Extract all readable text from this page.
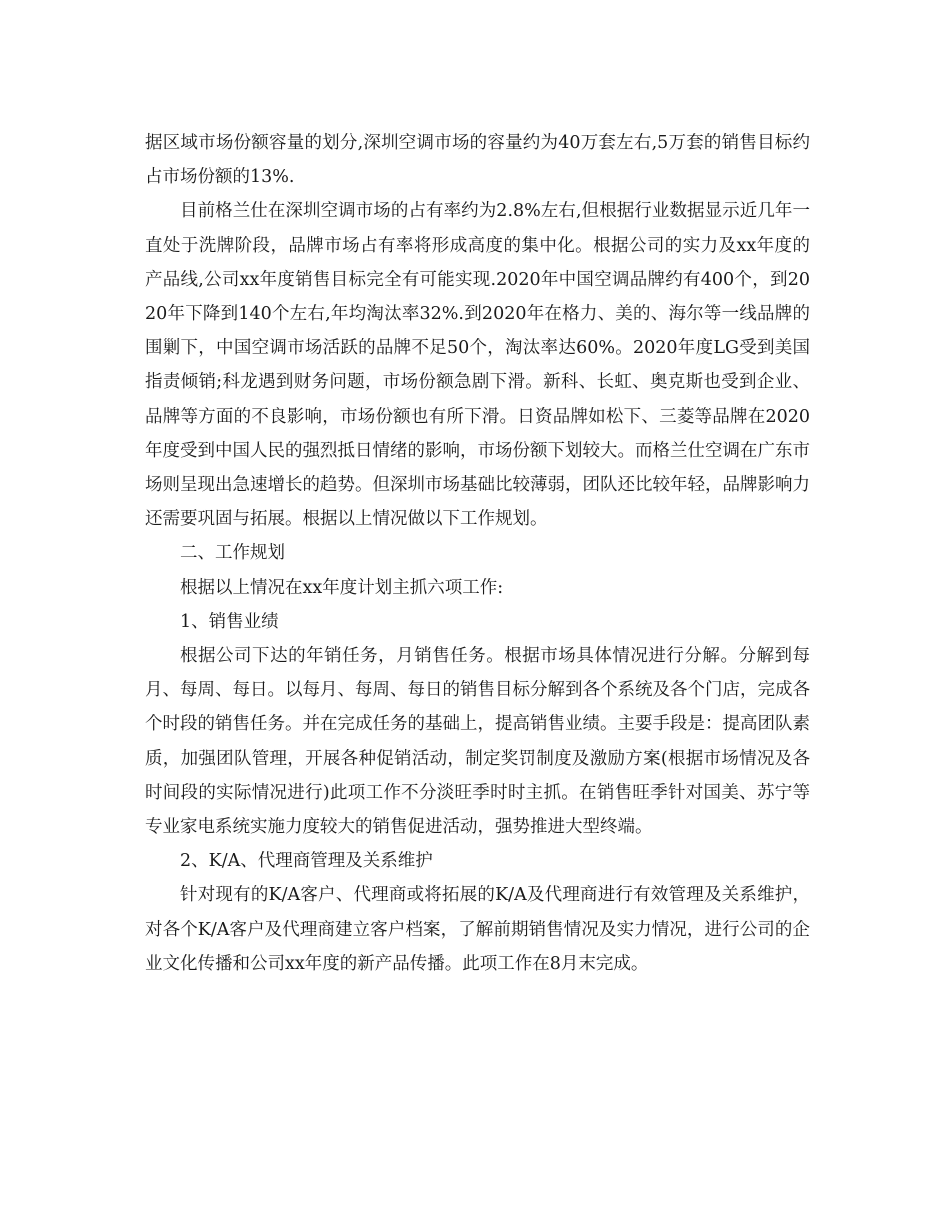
据区域市场份额容量的划分,深圳空调市场的容量约为40万套左右,5万套的销售目标约占市场份额的13%.

目前格兰仕在深圳空调市场的占有率约为2.8%左右,但根据行业数据显示近几年一直处于洗牌阶段，品牌市场占有率将形成高度的集中化。根据公司的实力及xx年度的产品线,公司xx年度销售目标完全有可能实现.2020年中国空调品牌约有400个，到2020年下降到140个左右,年均淘汰率32%.到2020年在格力、美的、海尔等一线品牌的围剿下，中国空调市场活跃的品牌不足50个，淘汰率达60%。2020年度LG受到美国指责倾销;科龙遇到财务问题，市场份额急剧下滑。新科、长虹、奥克斯也受到企业、品牌等方面的不良影响，市场份额也有所下滑。日资品牌如松下、三菱等品牌在2020年度受到中国人民的强烈抵日情绪的影响，市场份额下划较大。而格兰仕空调在广东市场则呈现出急速增长的趋势。但深圳市场基础比较薄弱，团队还比较年轻，品牌影响力还需要巩固与拓展。根据以上情况做以下工作规划。

二、工作规划

根据以上情况在xx年度计划主抓六项工作:

1、销售业绩

根据公司下达的年销任务，月销售任务。根据市场具体情况进行分解。分解到每月、每周、每日。以每月、每周、每日的销售目标分解到各个系统及各个门店，完成各个时段的销售任务。并在完成任务的基础上，提高销售业绩。主要手段是：提高团队素质，加强团队管理，开展各种促销活动，制定奖罚制度及激励方案(根据市场情况及各时间段的实际情况进行)此项工作不分淡旺季时时主抓。在销售旺季针对国美、苏宁等专业家电系统实施力度较大的销售促进活动，强势推进大型终端。

2、K/A、代理商管理及关系维护

针对现有的K/A客户、代理商或将拓展的K/A及代理商进行有效管理及关系维护，对各个K/A客户及代理商建立客户档案，了解前期销售情况及实力情况，进行公司的企业文化传播和公司xx年度的新产品传播。此项工作在8月末完成。
